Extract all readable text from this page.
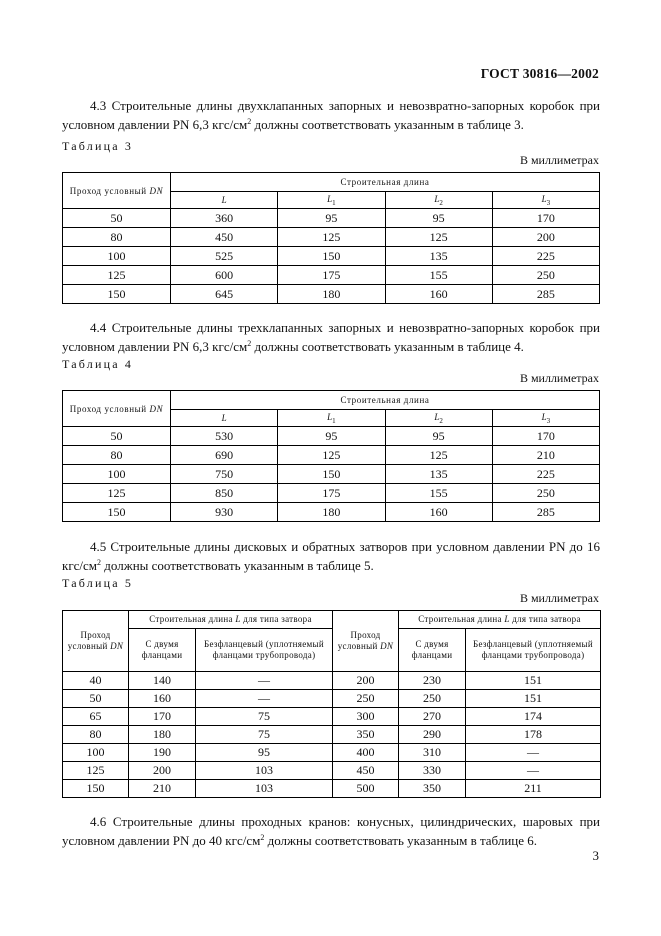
ГОСТ 30816—2002

4.3 Строительные длины двухклапанных запорных и невозвратно-запорных коробок при условном давлении PN 6,3 кгс/$см^2$ должны соответствовать указанным в таблице 3.

Таблица 3
В миллиметрах
Проход условный DN	Строительная длина			
	L	$L_1$	$L_2$	$L_3$
50	360	95	95	170
80	450	125	125	200
100	525	150	135	225
125	600	175	155	250
150	645	180	160	285

4.4 Строительные длины трехклапанных запорных и невозвратно-запорных коробок при условном давлении PN 6,3 кгс/$см^2$ должны соответствовать указанным в таблице 4.

Таблица 4
В миллиметрах
Проход условный DN	Строительная длина			
	L	$L_1$	$L_2$	$L_3$
50	530	95	95	170
80	690	125	125	210
100	750	150	135	225
125	850	175	155	250
150	930	180	160	285

4.5 Строительные длины дисковых и обратных затворов при условном давлении PN до 16 кгс/$см^2$ должны соответствовать указанным в таблице 5.

Таблица 5
В миллиметрах
Проход условный DN	Строительная длина L для типа затвора		Проход условный DN	Строительная длина L для типа затвора	
	С двумя фланцами	Безфланцевый (уплотняемый фланцами трубопровода)		С двумя фланцами	Безфланцевый (уплотняемый фланцами трубопровода)
40	140	—	200	230	151
50	160	—	250	250	151
65	170	75	300	270	174
80	180	75	350	290	178
100	190	95	400	310	—
125	200	103	450	330	—
150	210	103	500	350	211

4.6 Строительные длины проходных кранов: конусных, цилиндрических, шаровых при условном давлении PN до 40 кгс/$см^2$ должны соответствовать указанным в таблице 6.

3
